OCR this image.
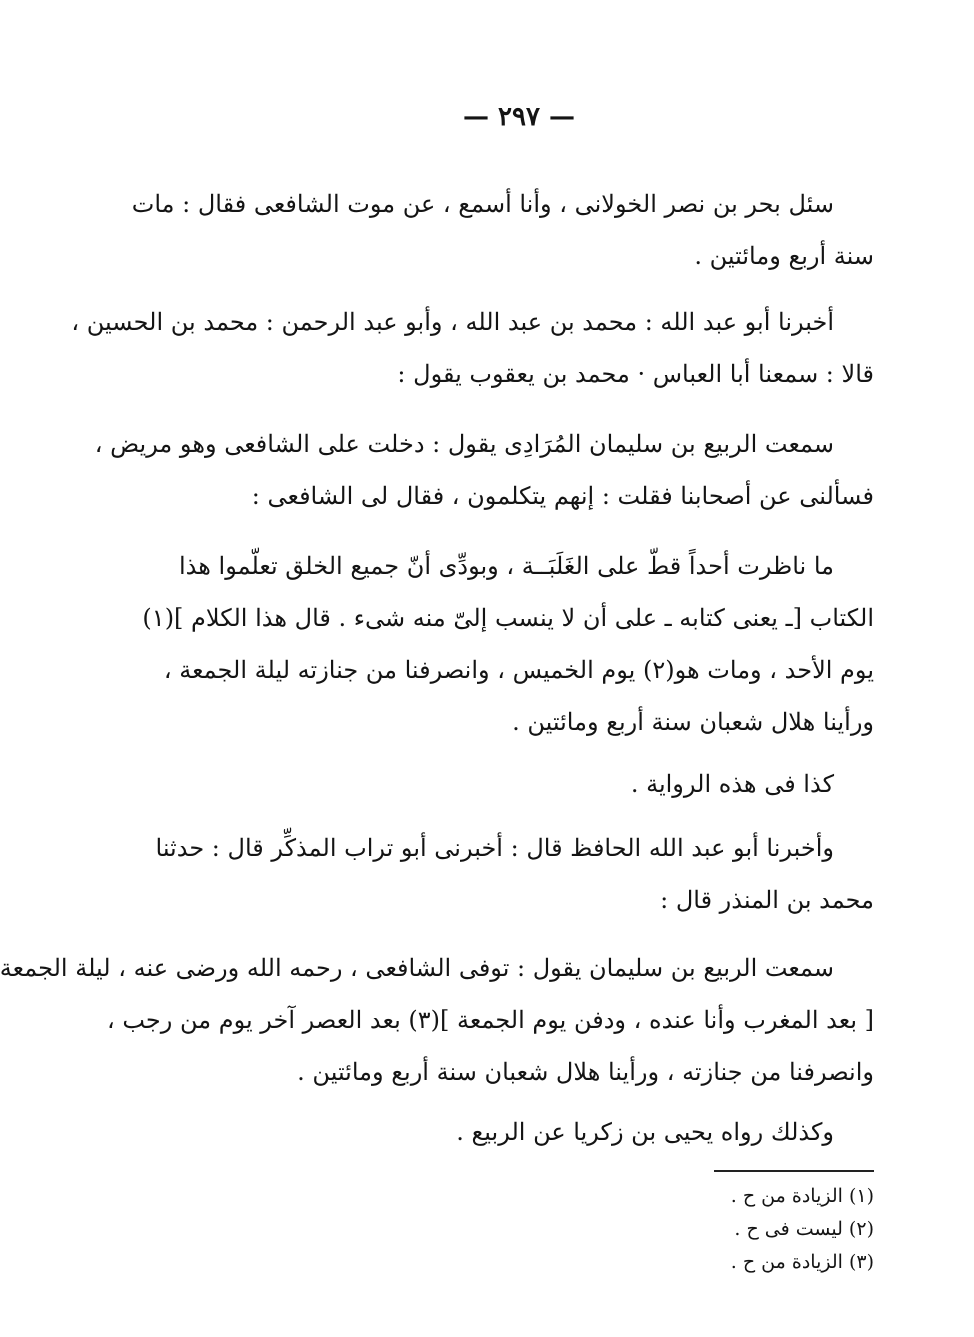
— ٢٩٧ —
سئل بحر بن نصر الخولانى ، وأنا أسمع ، عن موت الشافعى فقال : مات
سنة أربع ومائتين .
أخبرنا أبو عبد الله : محمد بن عبد الله ، وأبو عبد الرحمن : محمد بن الحسين ،
قالا : سمعنا أبا العباس · محمد بن يعقوب يقول :
سمعت الربيع بن سليمان المُرَادِى يقول : دخلت على الشافعى وهو مريض ،
فسألنى عن أصحابنا فقلت : إنهم يتكلمون ، فقال لى الشافعى :
ما ناظرت أحداً قطّ على الغَلَبَــة ، وبودِّى أنّ جميع الخلق تعلّموا هذا
الكتاب [ـ يعنى كتابه ـ على أن لا ينسب إلىّ منه شىء . قال هذا الكلام ](١)
يوم الأحد ، ومات هو(٢) يوم الخميس ، وانصرفنا من جنازته ليلة الجمعة ،
ورأينا هلال شعبان سنة أربع ومائتين .
كذا فى هذه الرواية .
وأخبرنا أبو عبد الله الحافظ قال : أخبرنى أبو تراب المذكِّر قال : حدثنا
محمد بن المنذر قال :
سمعت الربيع بن سليمان يقول : توفى الشافعى ، رحمه الله ورضى عنه ، ليلة الجمعة
[ بعد المغرب وأنا عنده ، ودفن يوم الجمعة ](٣) بعد العصر آخر يوم من رجب ،
وانصرفنا من جنازته ، ورأينا هلال شعبان سنة أربع ومائتين .
وكذلك رواه يحيى بن زكريا عن الربيع .
(١) الزيادة من ح .
(٢) ليست فى ح .
(٣) الزيادة من ح .
